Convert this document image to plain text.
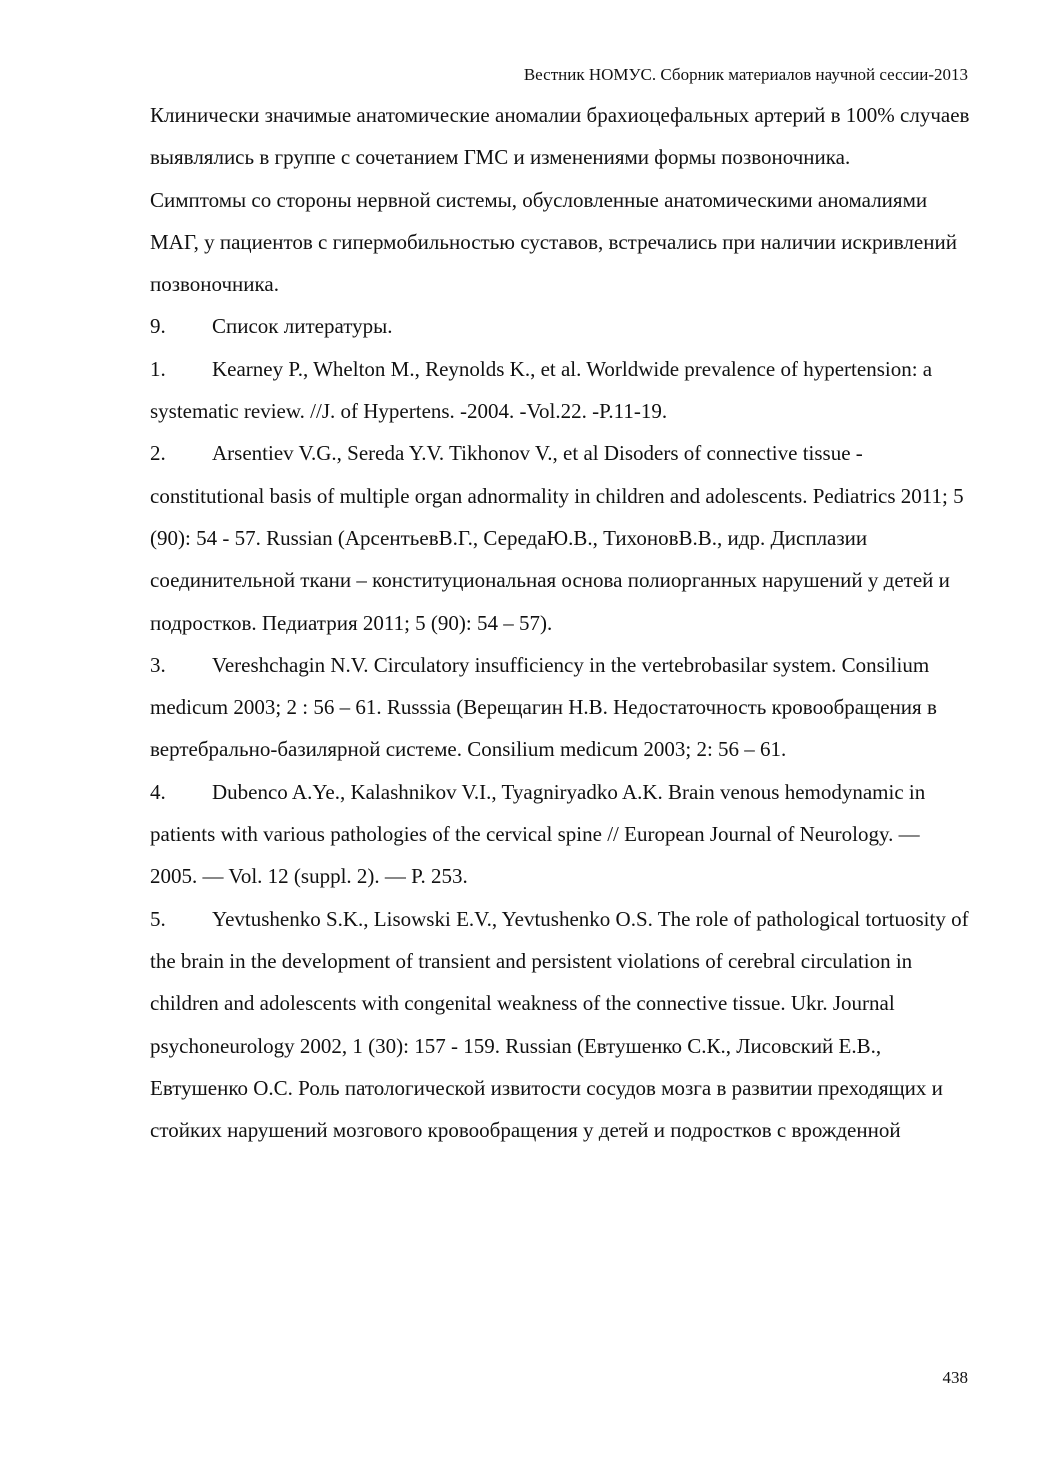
Вестник НОМУС. Сборник материалов научной сессии-2013

Клинически значимые анатомические аномалии брахиоцефальных артерий в 100% случаев выявлялись в группе с сочетанием ГМС и изменениями формы позвоночника.

Симптомы со стороны нервной системы, обусловленные анатомическими аномалиями МАГ, у пациентов с гипермобильностью суставов, встречались при наличии искривлений позвоночника.

9. Список литературы.

1. Kearney P., Whelton M., Reynolds K., et al. Worldwide prevalence of hypertension: a systematic review. //J. of Hypertens. -2004. -Vol.22. -P.11-19.

2. Arsentiev V.G., Sereda Y.V. Tikhonov V., et al Disoders of connective tissue - constitutional basis of multiple organ adnormality in children and adolescents. Pediatrics 2011; 5 (90): 54 - 57. Russian (АрсентьевВ.Г., СередаЮ.В., ТихоновВ.В., идр. Дисплазии соединительной ткани – конституциональная основа полиорганных нарушений у детей и подростков. Педиатрия 2011; 5 (90): 54 – 57).

3. Vereshchagin N.V. Circulatory insufficiency in the vertebrobasilar system. Consilium medicum 2003; 2 : 56 – 61. Russsia (Верещагин Н.В. Недостаточность кровообращения в вертебрально-базилярной системе. Consilium medicum 2003; 2: 56 – 61.

4. Dubenco A.Ye., Kalashnikov V.I., Tyagniryadko A.K. Brain venous hemodynamic in patients with various pathologies of the cervical spine // European Journal of Neurology. — 2005. — Vol. 12 (suppl. 2). — P. 253.

5. Yevtushenko S.K., Lisowski E.V., Yevtushenko O.S. The role of pathological tortuosity of the brain in the development of transient and persistent violations of cerebral circulation in children and adolescents with congenital weakness of the connective tissue. Ukr. Journal psychoneurology 2002, 1 (30): 157 - 159. Russian (Евтушенко С.К., Лисовский Е.В., Евтушенко О.С. Роль патологической извитости сосудов мозга в развитии преходящих и стойких нарушений мозгового кровообращения у детей и подростков с врожденной

438
